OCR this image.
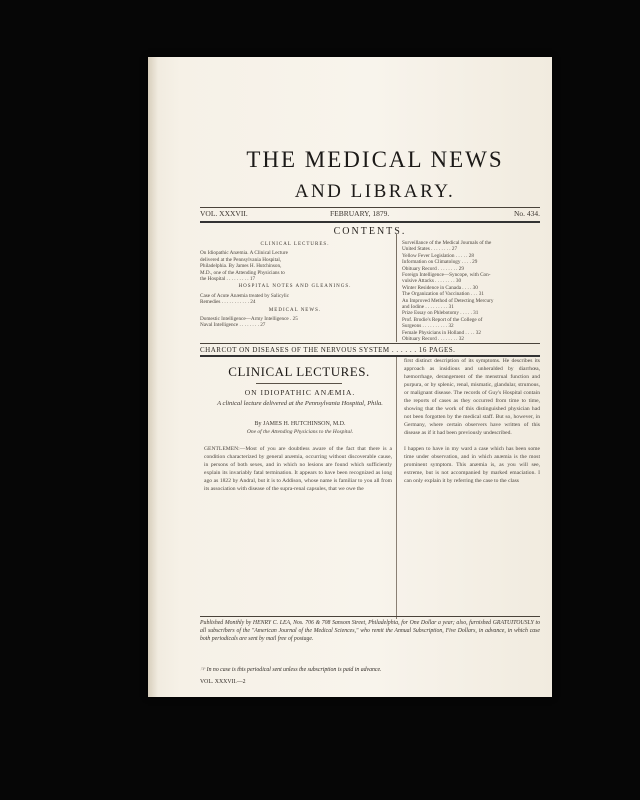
THE MEDICAL NEWS
AND LIBRARY.
VOL. XXXVII.	FEBRUARY, 1879.	No. 434.
CONTENTS.
CLINICAL LECTURES.
On Idiopathic Anæmia. A Clinical Lecture
delivered at the Pennsylvania Hospital,
Philadelphia. By James H. Hutchinson,
M.D., one of the Attending Physicians to
the Hospital . . . . . . . . . 17
HOSPITAL NOTES AND GLEANINGS.
Case of Acute Anæmia treated by Salicylic
Remedies . . . . . . . . . . . 24
MEDICAL NEWS.
Domestic Intelligence—Army Intelligence . 25
Naval Intelligence . . . . . . . . 27
Surveillance of the Medical Journals of the
United States . . . . . . . . 27
Yellow Fever Legislation . . . . . 28
Information on Climatology . . . . 29
Obituary Record . . . . . . . . 29
Foreign Intelligence—Syncope, with Con-
vulsive Attacks . . . . . . . . 30
Winter Residence in Canada . . . . 30
The Organization of Vaccination . . . 31
An Improved Method of Detecting Mercury
and Iodine . . . . . . . . . 31
Prize Essay on Phlebotomy . . . . . 31
Prof. Brodie's Report of the College of
Surgeons . . . . . . . . . . 32
Female Physicians in Holland . . . . 32
Obituary Record . . . . . . . . 32
CHARCOT ON DISEASES OF THE NERVOUS SYSTEM . . . . . . 16 PAGES.
CLINICAL LECTURES.
ON IDIOPATHIC ANÆMIA.
A clinical lecture delivered at the Pennsylvania Hospital, Phila.
By JAMES H. HUTCHINSON, M.D.
One of the Attending Physicians to the Hospital.
GENTLEMEN:—Most of you are doubtless aware of the fact that there is a condition characterized by general anæmia, occurring without discoverable cause, in persons of both sexes, and in which no lesions are found which sufficiently explain its invariably fatal termination. It appears to have been recognized as long ago as 1822 by Andral, but it is to Addison, whose name is familiar to you all from its association with disease of the supra-renal capsules, that we owe the
first distinct description of its symptoms. He describes its approach as insidious and unheralded by diarrhœa, hæmorrhage, derangement of the menstrual function and purpura, or by splenic, renal, mismatic, glandular, strumous, or malignant disease. The records of Guy's Hospital contain the reports of cases as they occurred from time to time, showing that the work of this distinguished physician had not been forgotten by the medical staff. But so, however, in Germany, where certain observers have written of this disease as if it had been previously undescribed.

I happen to have in my ward a case which has been some time under observation, and in which anæmia is the most prominent symptom. This anæmia is, as you will see, extreme, but is not accompanied by marked emaciation. I can only explain it by referring the case to the class
Published Monthly by HENRY C. LEA, Nos. 706 & 708 Sansom Street, Philadelphia, for One Dollar a year; also, furnished GRATUITOUSLY to all subscribers of the "American Journal of the Medical Sciences," who remit the Annual Subscription, Five Dollars, in advance, in which case both periodicals are sent by mail free of postage.
☞ In no case is this periodical sent unless the subscription is paid in advance.
VOL. XXXVII.—2
